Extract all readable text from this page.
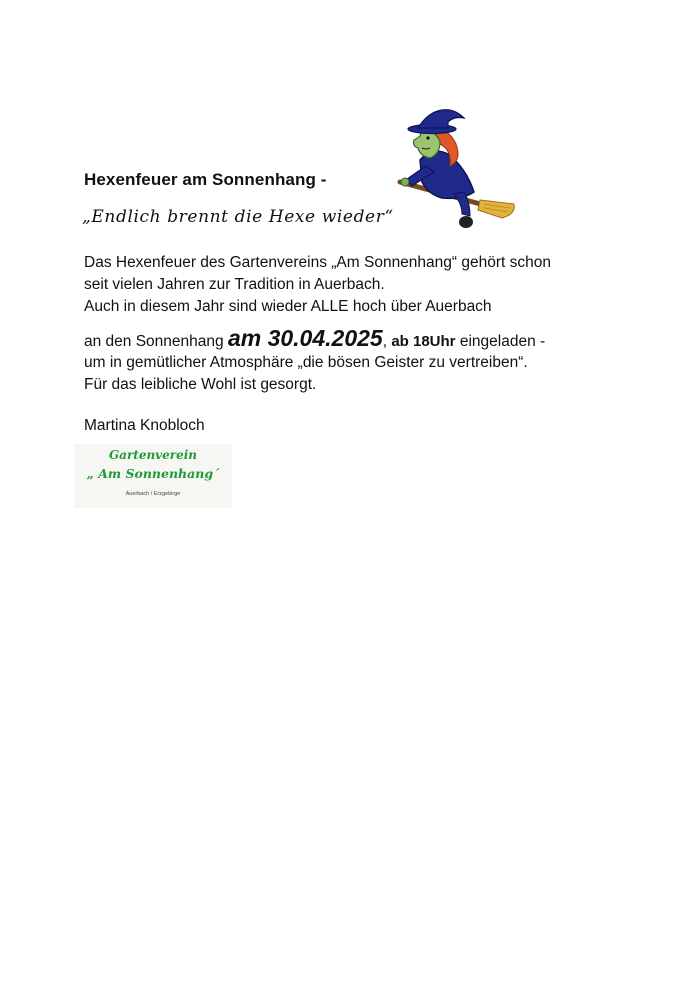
Hexenfeuer am Sonnenhang -
„Endlich brennt die Hexe wieder“
Das Hexenfeuer des Gartenvereins „Am Sonnenhang“ gehört schon
seit vielen Jahren zur Tradition in Auerbach.
Auch in diesem Jahr sind wieder ALLE hoch über Auerbach
an den Sonnenhang am 30.04.2025, ab 18Uhr eingeladen -
um in gemütlicher Atmosphäre „die bösen Geister zu vertreiben“.
Für das leibliche Wohl ist gesorgt.
Martina Knobloch
Gartenverein
„ Am Sonnenhang´
Auerbach / Erzgebirge
